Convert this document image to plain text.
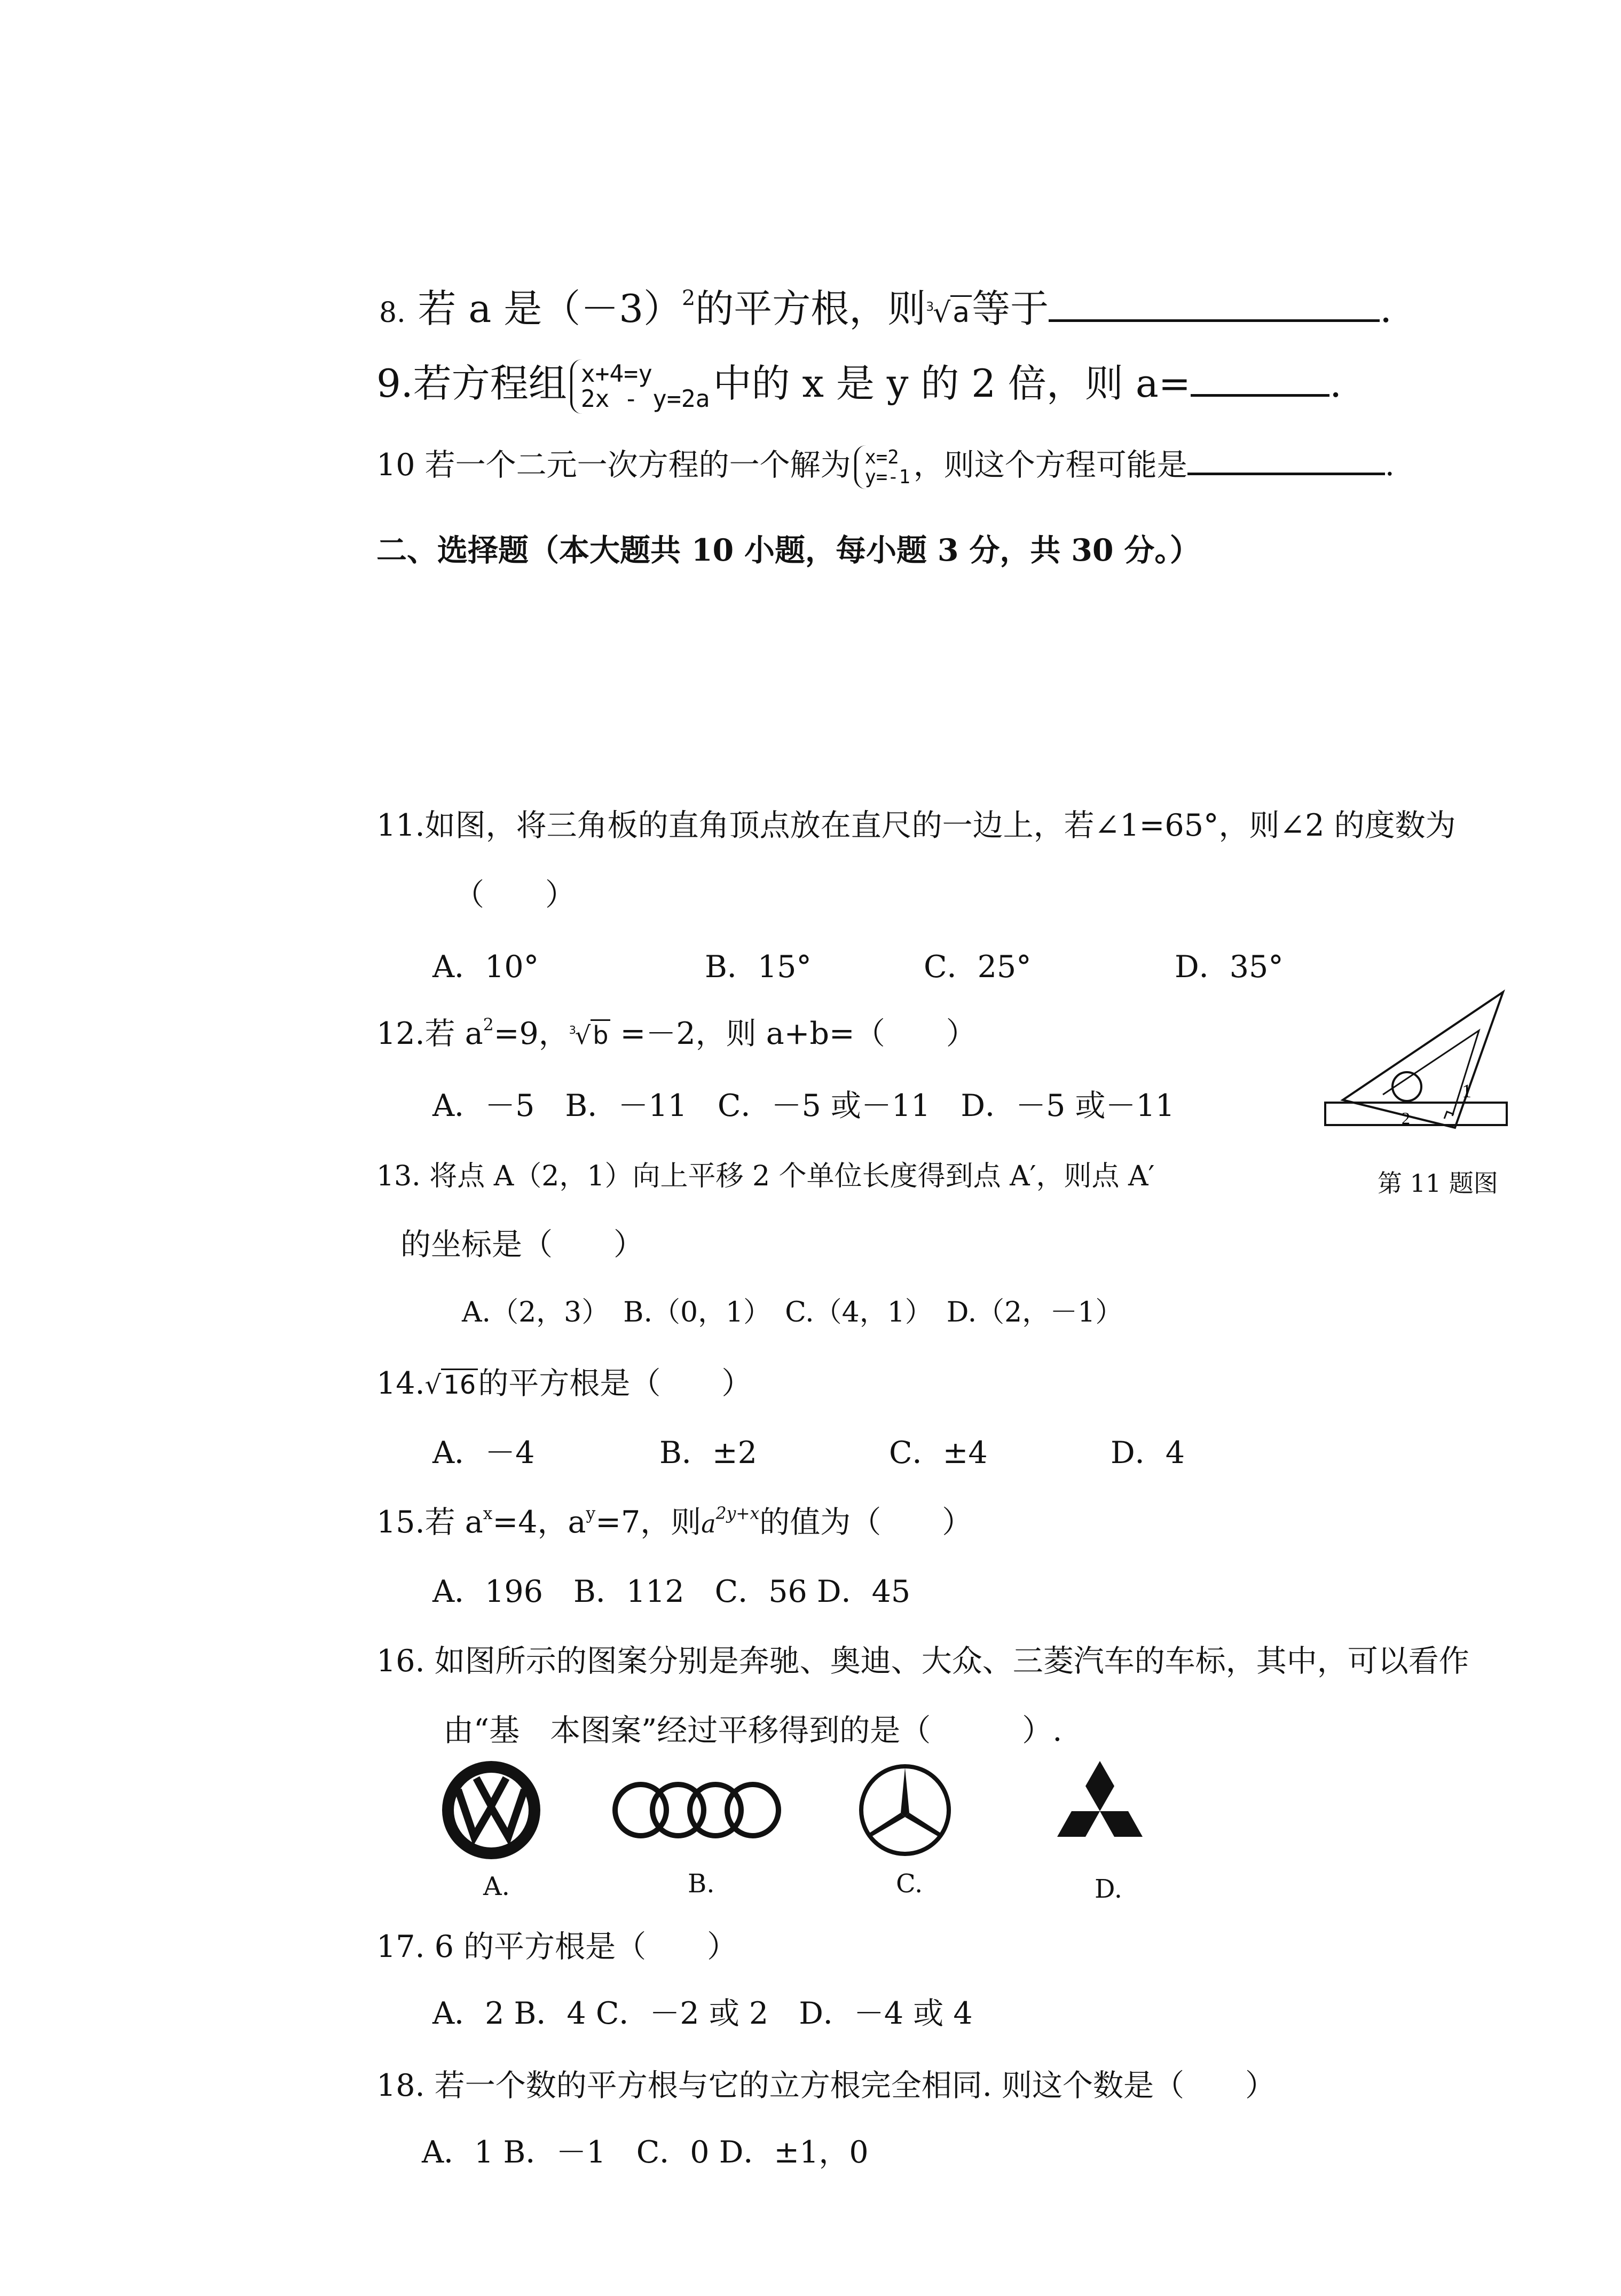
8. 若 a 是$(-3)^2$的平方根，则$^3$√a等于	.
9.若方程组 x+4=y
2x - y=2a 中的 x 是 y 的 2 倍，则 a=	.
10 若一个二元一次方程的一个解为 x=2
y=-1 ，则这个方程可能是	.
二、选择题（本大题共 10 小题，每小题 3 分，共 30 分。）
11.如图，将三角板的直角顶点放在直尺的一边上，若∠1=65°，则∠2 的度数为
（　　）
A．10°	B．15°	C．25°	D．35°
1
2
第 11 题图
12.若 $a^2=9$，$^3$√b =－2，则 a+b=（　　）
A．－5　B．－11　C．－5 或－11　D．－5 或－11
13. 将点 A（2，1）向上平移 2 个单位长度得到点 A′，则点 A′
的坐标是（　　）
A.（2，3）　B.（0，1）　C.（4，1）　D.（2，－1）
14.√16的平方根是（　　）
A．－4	B．±2	C．±4	D．4
15.若 $a^x=4$，$a^y=7$，则$a^{2y+x}$的值为（　　）
A．196　B．112　C．56 D．45
16. 如图所示的图案分别是奔驰、奥迪、大众、三菱汽车的车标，其中，可以看作
由“基　本图案”经过平移得到的是（　　　）.
A.	B.	C.	D.
17. 6 的平方根是（　　）
A．2 B．4 C．－2 或 2　D．－4 或 4
18. 若一个数的平方根与它的立方根完全相同. 则这个数是（　　）
A．1 B．－1　C．0 D．±1，0
